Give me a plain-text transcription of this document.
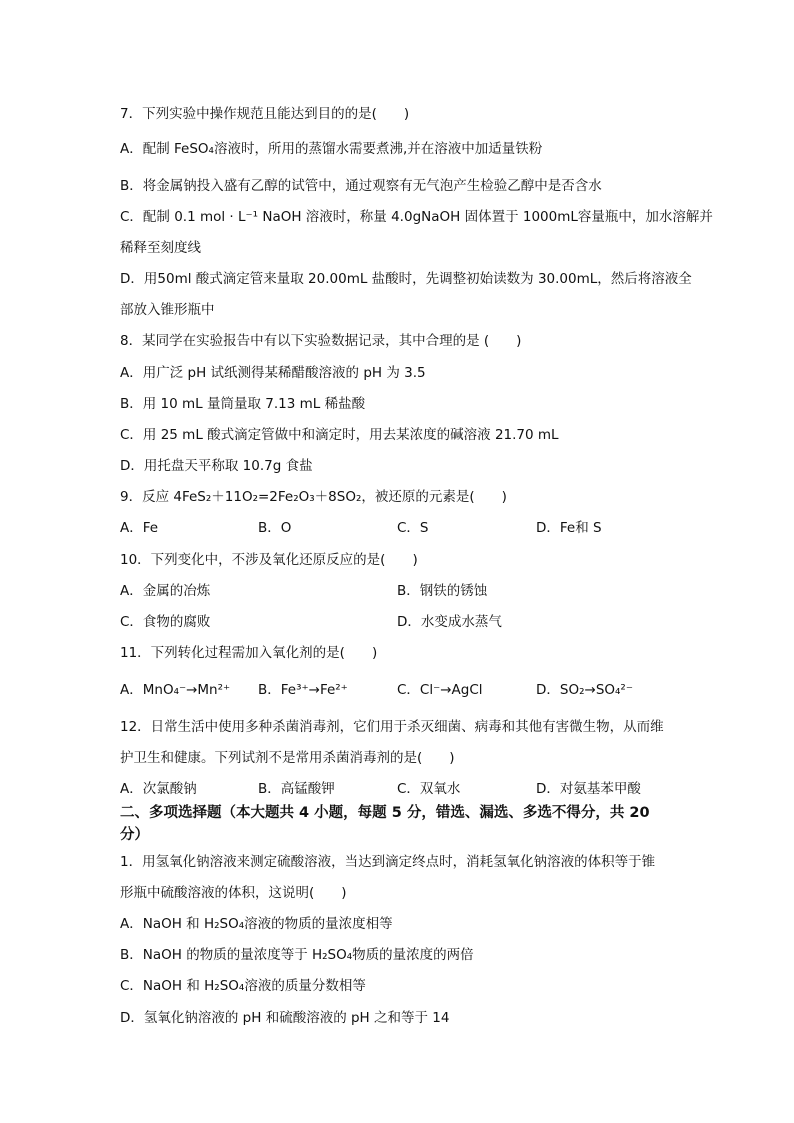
7．下列实验中操作规范且能达到目的的是(　　)
A．配制 FeSO₄溶液时，所用的蒸馏水需要煮沸,并在溶液中加适量铁粉
B．将金属钠投入盛有乙醇的试管中，通过观察有无气泡产生检验乙醇中是否含水
C．配制 0.1 mol · L⁻¹ NaOH 溶液时，称量 4.0gNaOH 固体置于 1000mL容量瓶中，加水溶解并
稀释至刻度线
D．用50ml 酸式滴定管来量取 20.00mL 盐酸时，先调整初始读数为 30.00mL，然后将溶液全
部放入锥形瓶中
8．某同学在实验报告中有以下实验数据记录，其中合理的是 (　　)
A．用广泛 pH 试纸测得某稀醋酸溶液的 pH 为 3.5
B．用 10 mL 量筒量取 7.13 mL 稀盐酸
C．用 25 mL 酸式滴定管做中和滴定时，用去某浓度的碱溶液 21.70 mL
D．用托盘天平称取 10.7g 食盐
9．反应 4FeS₂＋11O₂=2Fe₂O₃＋8SO₂，被还原的元素是(　　)
A．Fe	B．O	C．S	D．Fe和 S
10．下列变化中，不涉及氧化还原反应的是(　　)
A．金属的冶炼	B．钢铁的锈蚀
C．食物的腐败	D．水变成水蒸气
11．下列转化过程需加入氧化剂的是(　　)
A．MnO₄⁻→Mn²⁺ B．Fe³⁺→Fe²⁺	C．Cl⁻→AgCl	D．SO₂→SO₄²⁻
12．日常生活中使用多种杀菌消毒剂，它们用于杀灭细菌、病毒和其他有害微生物，从而维
护卫生和健康。下列试剂不是常用杀菌消毒剂的是(　　)
A．次氯酸钠	B．高锰酸钾	C．双氧水	D．对氨基苯甲酸
二、多项选择题（本大题共 4 小题，每题 5 分，错选、漏选、多选不得分，共 20
分）
1．用氢氧化钠溶液来测定硫酸溶液，当达到滴定终点时，消耗氢氧化钠溶液的体积等于锥
形瓶中硫酸溶液的体积，这说明(　　)
A．NaOH 和 H₂SO₄溶液的物质的量浓度相等
B．NaOH 的物质的量浓度等于 H₂SO₄物质的量浓度的两倍
C．NaOH 和 H₂SO₄溶液的质量分数相等
D．氢氧化钠溶液的 pH 和硫酸溶液的 pH 之和等于 14
